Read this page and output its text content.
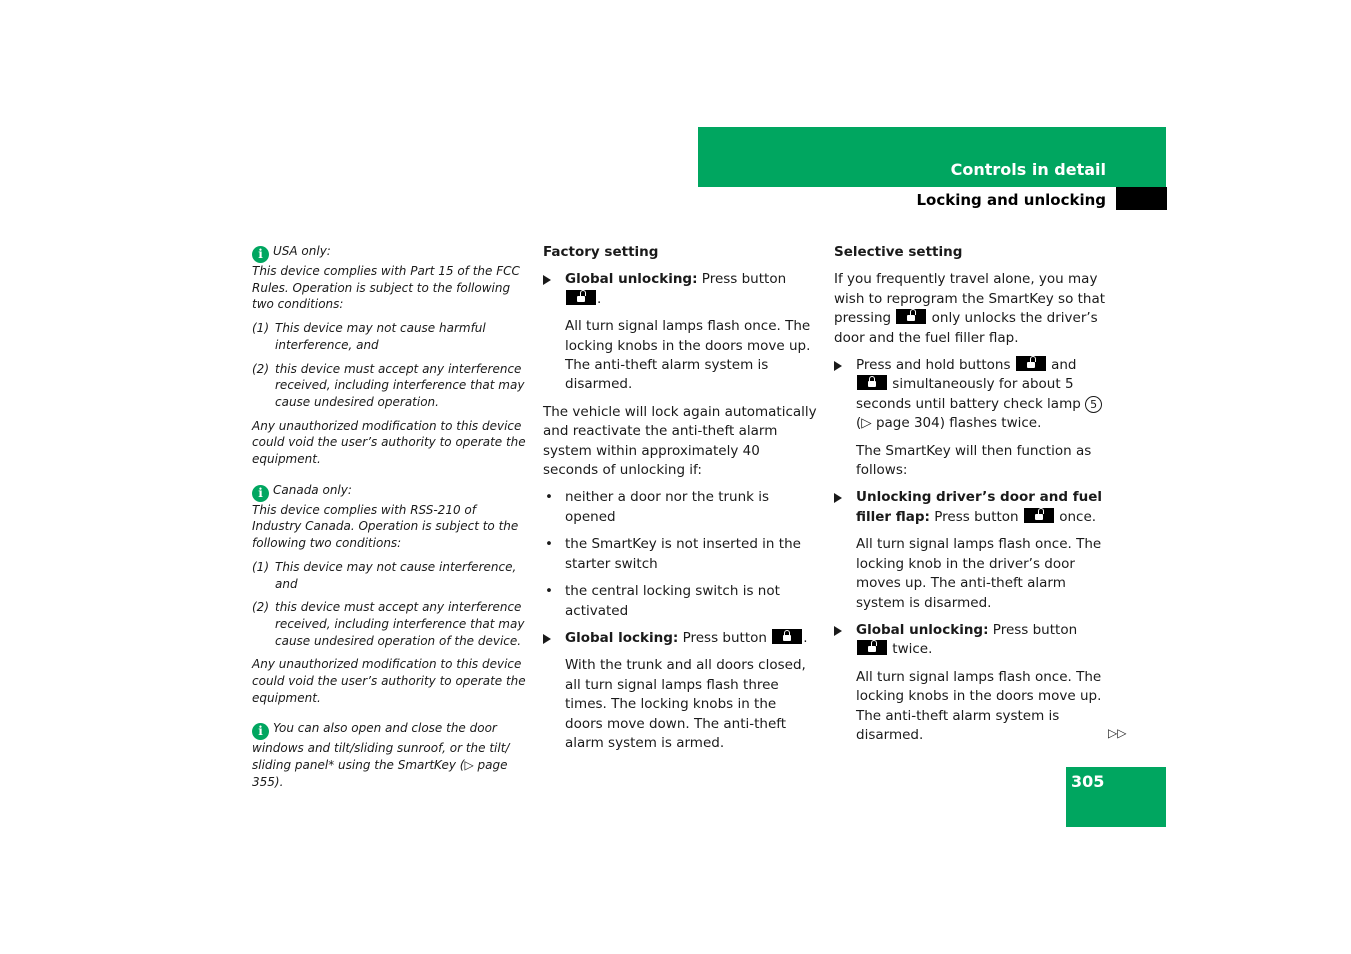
Controls in detail
Locking and unlocking
i USA only:

This device complies with Part 15 of the FCC Rules. Operation is subject to the following two conditions:

(1) This device may not cause harmful interference, and
(2) this device must accept any interference received, including interference that may cause undesired operation.

Any unauthorized modification to this device could void the user’s authority to operate the equipment.

i Canada only:

This device complies with RSS-210 of Industry Canada. Operation is subject to the following two conditions:

(1) This device may not cause interference, and
(2) this device must accept any interference received, including interference that may cause undesired operation of the device.

Any unauthorized modification to this device could void the user’s authority to operate the equipment.

i You can also open and close the door windows and tilt/sliding sunroof, or the tilt/ sliding panel* using the SmartKey (▷ page 355).
Factory setting
Global unlocking: Press button
.
All turn signal lamps flash once. The locking knobs in the doors move up. The anti-theft alarm system is disarmed.
The vehicle will lock again automatically and reactivate the anti-theft alarm system within approximately 40 seconds of unlocking if:
• neither a door nor the trunk is opened
• the SmartKey is not inserted in the starter switch
• the central locking switch is not activated
Global locking: Press button	.
With the trunk and all doors closed, all turn signal lamps flash three times. The locking knobs in the doors move down. The anti-theft alarm system is armed.
Selective setting
If you frequently travel alone, you may wish to reprogram the SmartKey so that pressing	only unlocks the driver’s door and the fuel filler flap.
Press and hold buttons	and
simultaneously for about 5 seconds until battery check lamp 5 (▷ page 304) flashes twice.
The SmartKey will then function as follows:
Unlocking driver’s door and fuel filler flap: Press button	once.
All turn signal lamps flash once. The locking knob in the driver’s door moves up. The anti-theft alarm system is disarmed.
Global unlocking: Press button
twice.
All turn signal lamps flash once. The locking knobs in the doors move up. The anti-theft alarm system is disarmed.	▷▷
305
